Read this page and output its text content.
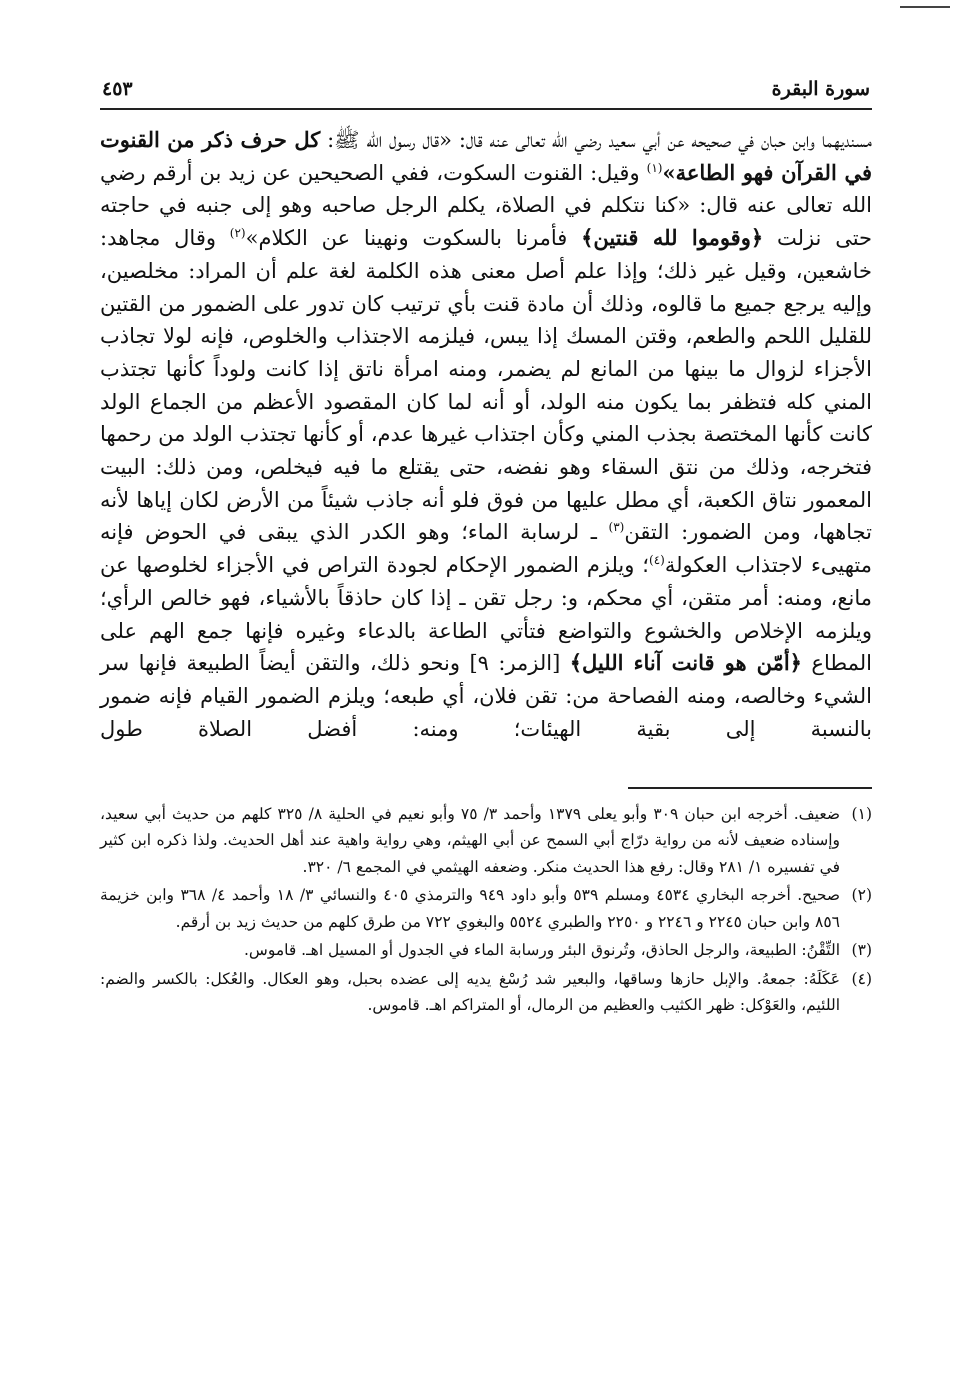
سورة البقرة
٤٥٣
مسنديهما وابن حبان في صحيحه عن أبي سعيد رضي الله تعالى عنه قال: «قال رسول الله ﷺ: كل حرف ذكر من القنوت في القرآن فهو الطاعة»$^{(١)}$ وقيل: القنوت السكوت، ففي الصحيحين عن زيد بن أرقم رضي الله تعالى عنه قال: «كنا نتكلم في الصلاة، يكلم الرجل صاحبه وهو إلى جنبه في حاجته حتى نزلت ﴿وقوموا لله قنتين﴾ فأمرنا بالسكوت ونهينا عن الكلام»$^{(٢)}$ وقال مجاهد: خاشعين، وقيل غير ذلك؛ وإذا علم أصل معنى هذه الكلمة لغة علم أن المراد: مخلصين، وإليه يرجع جميع ما قالوه، وذلك أن مادة قنت بأي ترتيب كان تدور على الضمور من القتين للقليل اللحم والطعم، وقتن المسك إذا يبس، فيلزمه الاجتذاب والخلوص، فإنه لولا تجاذب الأجزاء لزوال ما بينها من المانع لم يضمر، ومنه امرأة ناتق إذا كانت ولوداً كأنها تجتذب المني كله فتظفر بما يكون منه الولد، أو أنه لما كان المقصود الأعظم من الجماع الولد كانت كأنها المختصة بجذب المني وكأن اجتذاب غيرها عدم، أو كأنها تجتذب الولد من رحمها فتخرجه، وذلك من نتق السقاء وهو نفضه، حتى يقتلع ما فيه فيخلص، ومن ذلك: البيت المعمور نتاق الكعبة، أي مطل عليها من فوق فلو أنه جاذب شيئاً من الأرض لكان إياها لأنه تجاهها، ومن الضمور: التقن$^{(٣)}$ ـ لرسابة الماء؛ وهو الكدر الذي يبقى في الحوض فإنه متهيىء لاجتذاب العكولة$^{(٤)}$؛ ويلزم الضمور الإحكام لجودة التراص في الأجزاء لخلوصها عن مانع، ومنه: أمر متقن، أي محكم، و: رجل تقن ـ إذا كان حاذقاً بالأشياء، فهو خالص الرأي؛ ويلزمه الإخلاص والخشوع والتواضع فتأتي الطاعة بالدعاء وغيره فإنها جمع الهم على المطاع ﴿أمّن هو قانت آناء الليل﴾ [الزمر: ٩] ونحو ذلك، والتقن أيضاً الطبيعة فإنها سر الشيء وخالصه، ومنه الفصاحة من: تقن فلان، أي طبعه؛ ويلزم الضمور القيام فإنه ضمور بالنسبة إلى بقية الهيئات؛ ومنه: أفضل الصلاة طول
(١)
ضعيف. أخرجه ابن حبان ٣٠٩ وأبو يعلى ١٣٧٩ وأحمد ٣/ ٧٥ وأبو نعيم في الحلية ٨/ ٣٢٥ كلهم من حديث أبي سعيد، وإسناده ضعيف لأنه من رواية درّاج أبي السمح عن أبي الهيثم، وهي رواية واهية عند أهل الحديث. ولذا ذكره ابن كثير في تفسيره ١/ ٢٨١ وقال: رفع هذا الحديث منكر. وضعفه الهيثمي في المجمع ٦/ ٣٢٠.
(٢)
صحيح. أخرجه البخاري ٤٥٣٤ ومسلم ٥٣٩ وأبو داود ٩٤٩ والترمذي ٤٠٥ والنسائي ٣/ ١٨ وأحمد ٤/ ٣٦٨ وابن خزيمة ٨٥٦ وابن حبان ٢٢٤٥ و ٢٢٤٦ و ٢٢٥٠ والطبري ٥٥٢٤ والبغوي ٧٢٢ من طرق كلهم من حديث زيد بن أرقم.
(٣)
التِّقْنُ: الطبيعة، والرجل الحاذق، وتُرنوق البئر ورسابة الماء في الجدول أو المسيل اهـ. قاموس.
(٤)
عَكَلَهُ: جمعهُ. والإبل حازها وساقها، والبعير شد رُسْغ يديه إلى عضده بحبل، وهو العكال. والعُكل: بالكسر والضم: اللئيم، والعَوْكل: ظهر الكثيب والعظيم من الرمال، أو المتراكم اهـ. قاموس.
